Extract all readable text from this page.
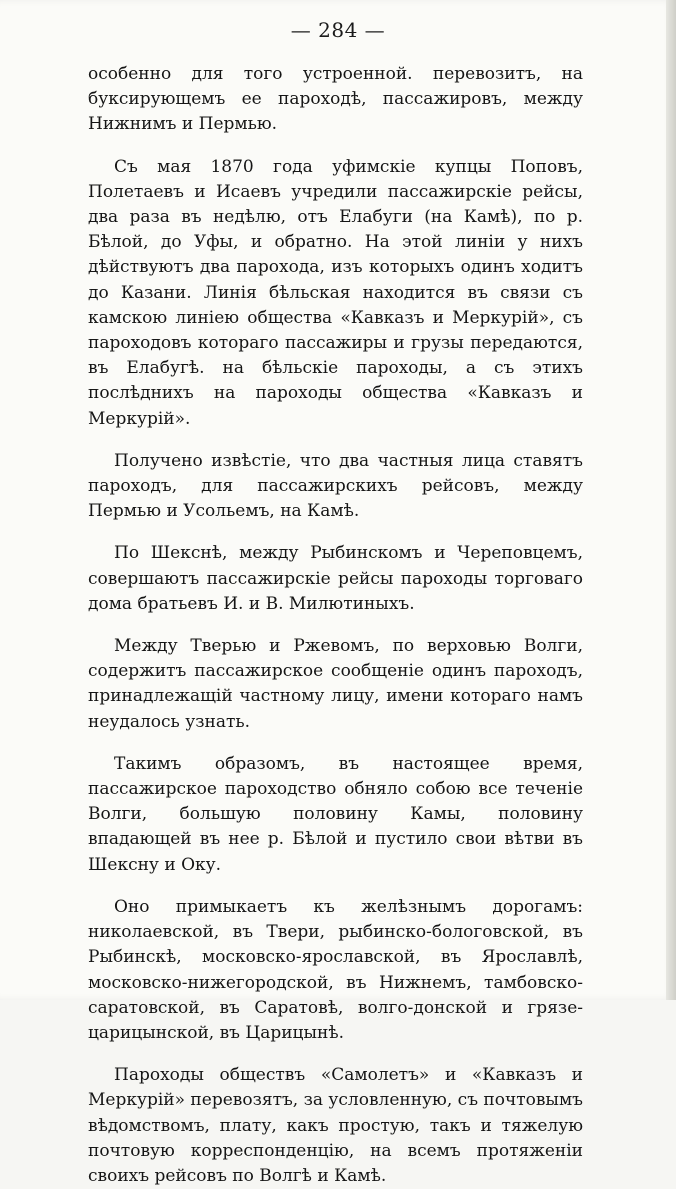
— 284 —

особенно для того устроенной. перевозитъ, на буксирующемъ ее пароходѣ, пассажировъ, между Нижнимъ и Пермью.

Съ мая 1870 года уфимскіе купцы Поповъ, Полетаевъ и Исаевъ учредили пассажирскіе рейсы, два раза въ недѣлю, отъ Елабуги (на Камѣ), по р. Бѣлой, до Уфы, и обратно. На этой линіи у нихъ дѣйствуютъ два парохода, изъ которыхъ одинъ ходитъ до Казани. Линія бѣльская находится въ связи съ камскою линіею общества «Кавказъ и Меркурій», съ пароходовъ котораго пассажиры и грузы передаются, въ Елабугѣ. на бѣльскіе пароходы, а съ этихъ послѣднихъ на пароходы общества «Кавказъ и Меркурій».

Получено извѣстіе, что два частныя лица ставятъ пароходъ, для пассажирскихъ рейсовъ, между Пермью и Усольемъ, на Камѣ.

По Шекснѣ, между Рыбинскомъ и Череповцемъ, совершаютъ пассажирскіе рейсы пароходы торговаго дома братьевъ И. и В. Милютиныхъ.

Между Тверью и Ржевомъ, по верховью Волги, содержитъ пассажирское сообщеніе одинъ пароходъ, принадлежащій частному лицу, имени котораго намъ неудалось узнать.

Такимъ образомъ, въ настоящее время, пассажирское пароходство обняло собою все теченіе Волги, большую половину Камы, половину впадающей въ нее р. Бѣлой и пустило свои вѣтви въ Шексну и Оку.

Оно примыкаетъ къ желѣзнымъ дорогамъ: николаевской, въ Твери, рыбинско-бологовской, въ Рыбинскѣ, московско-ярославской, въ Ярославлѣ, московско-нижегородской, въ Нижнемъ, тамбовско-саратовской, въ Саратовѣ, волго-донской и грязе-царицынской, въ Царицынѣ.

Пароходы обществъ «Самолетъ» и «Кавказъ и Меркурій» перевозятъ, за условленную, съ почтовымъ вѣдомствомъ, плату, какъ простую, такъ и тяжелую почтовую корреспонденцію, на всемъ протяженіи своихъ рейсовъ по Волгѣ и Камѣ.
